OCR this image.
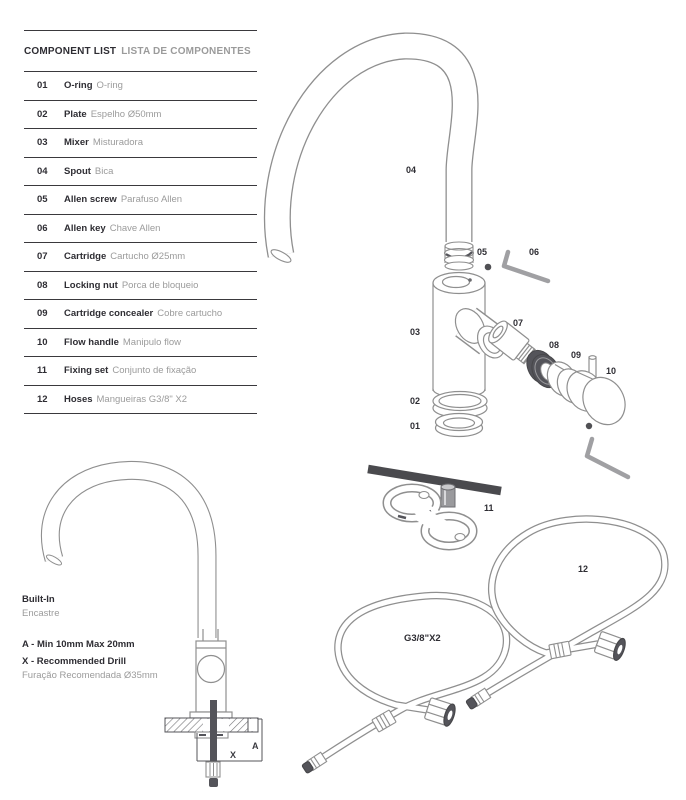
COMPONENT LIST LISTA DE COMPONENTES
01	O-ring O-ring
02	Plate Espelho Ø50mm
03	Mixer Misturadora
04	Spout Bica
05	Allen screw Parafuso Allen
06	Allen key Chave Allen
07	Cartridge Cartucho Ø25mm
08	Locking nut Porca de bloqueio
09	Cartridge concealer Cobre cartucho
10	Flow handle Manipulo flow
11	Fixing set Conjunto de fixação
12	Hoses Mangueiras G3/8" X2
Built-In
Encastre
A - Min 10mm Max 20mm
X - Recommended Drill
Furação Recomendada Ø35mm
04
05	06
03
07
08
09
10
02
01
11
12
G3/8"X2
A
X
